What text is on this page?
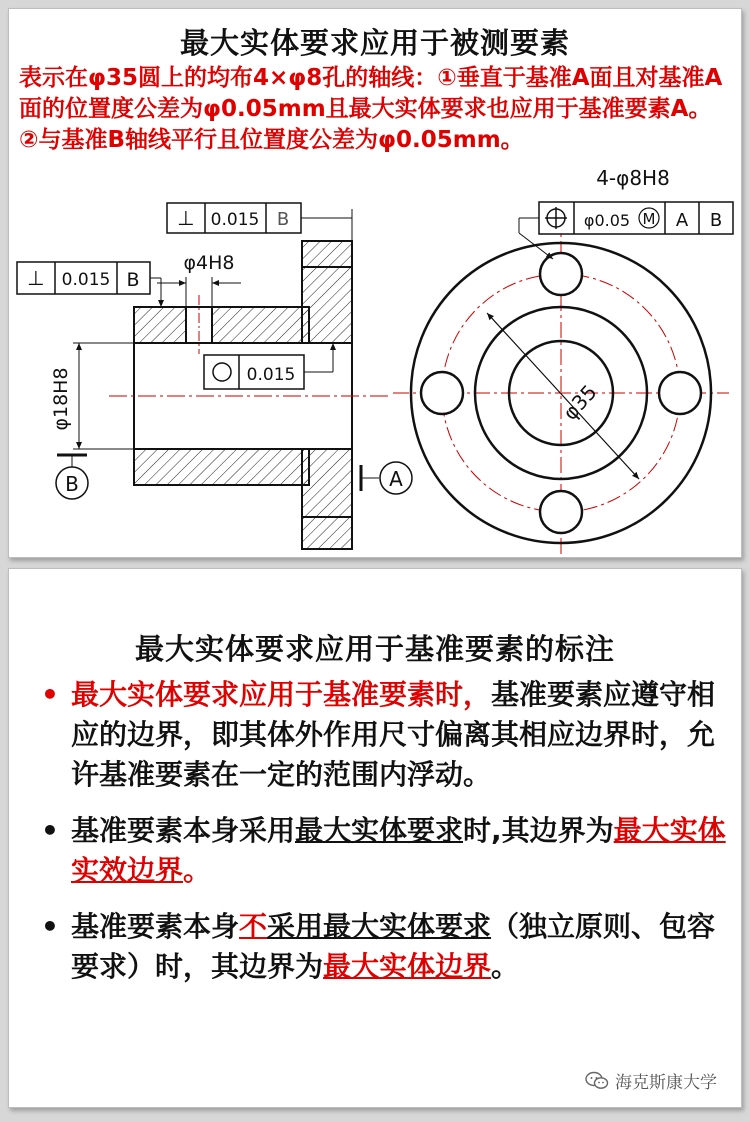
最大实体要求应用于被测要素
表示在φ35圆上的均布4×φ8孔的轴线：①垂直于基准A面且对基准A面的位置度公差为φ0.05mm且最大实体要求也应用于基准要素A。 ②与基准B轴线平行且位置度公差为φ0.05mm。
⊥ 0.015 B
φ4H8
⊥ 0.015 B
0.015
φ18H8
B	A
φ35
4-φ8H8
φ0.05 M A B
最大实体要求应用于基准要素的标注
• 最大实体要求应用于基准要素时，基准要素应遵守相应的边界，即其体外作用尺寸偏离其相应边界时，允许基准要素在一定的范围内浮动。
• 基准要素本身采用最大实体要求时,其边界为最大实体实效边界。
• 基准要素本身不采用最大实体要求（独立原则、包容要求）时，其边界为最大实体边界。
海克斯康大学
